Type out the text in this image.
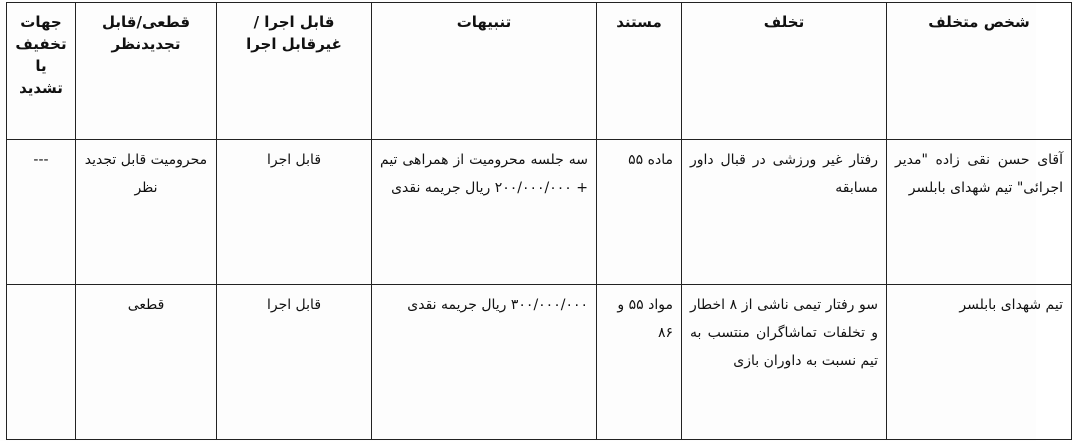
شخص متخلف	تخلف	مستند	تنبیهات	قابل اجرا /غیرقابل اجرا	قطعی/قابل تجدیدنظر	جهات تخفیف یا تشدید
آقای حسن نقی زاده "مدیر اجرائی" تیم شهدای بابلسر	رفتار غیر ورزشی در قبال داور مسابقه	ماده ۵۵	سه جلسه محرومیت از همراهی تیم + ۲۰۰/۰۰۰/۰۰۰ ریال جریمه نقدی	قابل اجرا	محرومیت قابل تجدید نظر	---
تیم شهدای بابلسر	سو رفتار تیمی ناشی از ۸ اخطار و تخلفات تماشاگران منتسب به تیم نسبت به داوران بازی	مواد ۵۵ و ۸۶	۳۰۰/۰۰۰/۰۰۰ ریال جریمه نقدی	قابل اجرا	قطعی	
